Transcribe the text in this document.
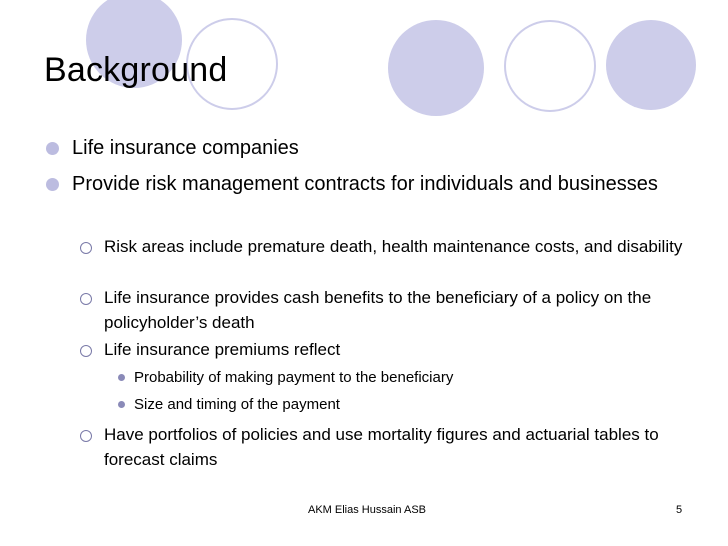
Background
Life insurance companies
Provide risk management contracts for individuals and businesses
Risk areas include premature death, health maintenance costs, and disability
Life insurance provides cash benefits to the beneficiary of a policy on the policyholder’s death
Life insurance premiums reflect
Probability of making payment to the beneficiary
Size and timing of the payment
Have portfolios of policies and use mortality figures and actuarial tables to forecast claims
AKM Elias Hussain ASB	5
